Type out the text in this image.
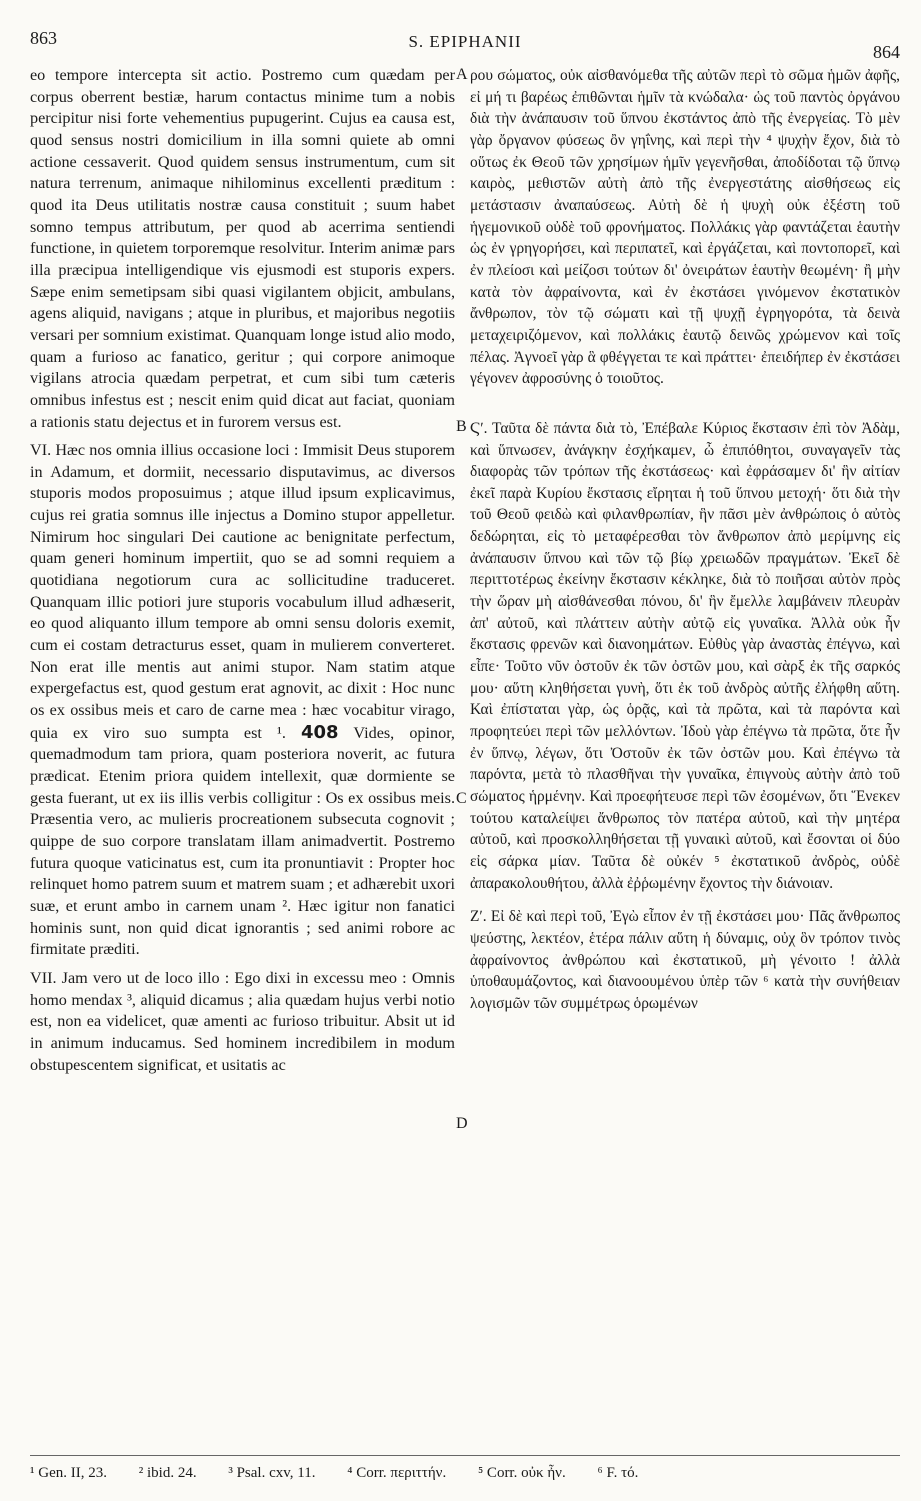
863	S. EPIPHANII
864

eo tempore intercepta sit actio. Postremo cum quædam per corpus oberrent bestiæ, harum contactus minime tum a nobis percipitur nisi forte vehementius pupugerint. Cujus ea causa est, quod sensus nostri domicilium in illa somni quiete ab omni actione cessaverit. Quod quidem sensus instrumentum, cum sit natura terrenum, animaque nihilominus excellenti præditum : quod ita Deus utilitatis nostræ causa constituit ; suum habet somno tempus attributum, per quod ab acerrima sentiendi functione, in quietem torporemque resolvitur. Interim animæ pars illa præcipua intelligendique vis ejusmodi est stuporis expers. Sæpe enim semetipsam sibi quasi vigilantem objicit, ambulans, agens aliquid, navigans ; atque in pluribus, et majoribus negotiis versari per somnium existimat. Quanquam longe istud alio modo, quam a furioso ac fanatico, geritur ; qui corpore animoque vigilans atrocia quædam perpetrat, et cum sibi tum cæteris omnibus infestus est ; nescit enim quid dicat aut faciat, quoniam a rationis statu dejectus et in furorem versus est.

VI. Hæc nos omnia illius occasione loci : Immisit Deus stuporem in Adamum, et dormiit, necessario disputavimus, ac diversos stuporis modos proposuimus ; atque illud ipsum explicavimus, cujus rei gratia somnus ille injectus a Domino stupor appelletur. Nimirum hoc singulari Dei cautione ac benignitate perfectum, quam generi hominum impertiit, quo se ad somni requiem a quotidiana negotiorum cura ac sollicitudine traduceret. Quanquam illic potiori jure stuporis vocabulum illud adhæserit, eo quod aliquanto illum tempore ab omni sensu doloris exemit, cum ei costam detracturus esset, quam in mulierem converteret. Non erat ille mentis aut animi stupor. Nam statim atque expergefactus est, quod gestum erat agnovit, ac dixit : Hoc nunc os ex ossibus meis et caro de carne mea : hæc vocabitur virago, quia ex viro suo sumpta est ¹. 408 Vides, opinor, quemadmodum tam priora, quam posteriora noverit, ac futura prædicat. Etenim priora quidem intellexit, quæ dormiente se gesta fuerant, ut ex iis illis verbis colligitur : Os ex ossibus meis. Præsentia vero, ac mulieris procreationem subsecuta cognovit ; quippe de suo corpore translatam illam animadvertit. Postremo futura quoque vaticinatus est, cum ita pronuntiavit : Propter hoc relinquet homo patrem suum et matrem suam ; et adhærebit uxori suæ, et erunt ambo in carnem unam ². Hæc igitur non fanatici hominis sunt, non quid dicat ignorantis ; sed animi robore ac firmitate præditi.

VII. Jam vero ut de loco illo : Ego dixi in excessu meo : Omnis homo mendax ³, aliquid dicamus ; alia quædam hujus verbi notio est, non ea videlicet, quæ amenti ac furioso tribuitur. Absit ut id in animum inducamus. Sed hominem incredibilem in modum obstupescentem significat, et usitatis ac

ρου σώματος, οὐκ αἰσθανόμεθα τῆς αὐτῶν περὶ τὸ σῶμα ἡμῶν ἀφῆς, εἰ μή τι βαρέως ἐπιθῶνται ἡμῖν τὰ κνώδαλα· ὡς τοῦ παντὸς ὀργάνου διὰ τὴν ἀνάπαυσιν τοῦ ὕπνου ἐκστάντος ἀπὸ τῆς ἐνεργείας. Τὸ μὲν γὰρ ὄργανον φύσεως ὂν γηΐνης, καὶ περὶ τὴν ⁴ ψυχὴν ἔχον, διὰ τὸ οὕτως ἐκ Θεοῦ τῶν χρησίμων ἡμῖν γεγενῆσθαι, ἀποδίδοται τῷ ὕπνῳ καιρὸς, μεθιστῶν αὐτὴ ἀπὸ τῆς ἐνεργεστάτης αἰσθήσεως εἰς μετάστασιν ἀναπαύσεως. Αὐτὴ δὲ ἡ ψυχὴ οὐκ ἐξέστη τοῦ ἡγεμονικοῦ οὐδὲ τοῦ φρονήματος. Πολλάκις γὰρ φαντάζεται ἑαυτὴν ὡς ἐν γρηγορήσει, καὶ περιπατεῖ, καὶ ἐργάζεται, καὶ ποντοπορεῖ, καὶ ἐν πλείοσι καὶ μείζοσι τούτων δι' ὀνειράτων ἑαυτὴν θεωμένη· ἢ μὴν κατὰ τὸν ἀφραίνοντα, καὶ ἐν ἐκστάσει γινόμενον ἐκστατικὸν ἄνθρωπον, τὸν τῷ σώματι καὶ τῇ ψυχῇ ἐγρηγορότα, τὰ δεινὰ μεταχειριζόμενον, καὶ πολλάκις ἑαυτῷ δεινῶς χρώμενον καὶ τοῖς πέλας. Ἀγνοεῖ γὰρ ἃ φθέγγεται τε καὶ πράττει· ἐπειδήπερ ἐν ἐκστάσει γέγονεν ἀφροσύνης ὁ τοιοῦτος.

Ϛʹ. Ταῦτα δὲ πάντα διὰ τὸ, Ἐπέβαλε Κύριος ἔκστασιν ἐπὶ τὸν Ἀδὰμ, καὶ ὕπνωσεν, ἀνάγκην ἐσχήκαμεν, ὦ ἐπιπόθητοι, συναγαγεῖν τὰς διαφορὰς τῶν τρόπων τῆς ἐκστάσεως· καὶ ἐφράσαμεν δι' ἣν αἰτίαν ἐκεῖ παρὰ Κυρίου ἔκστασις εἴρηται ἡ τοῦ ὕπνου μετοχή· ὅτι διὰ τὴν τοῦ Θεοῦ φειδὼ καὶ φιλανθρωπίαν, ἣν πᾶσι μὲν ἀνθρώποις ὁ αὐτὸς δεδώρηται, εἰς τὸ μεταφέρεσθαι τὸν ἄνθρωπον ἀπὸ μερίμνης εἰς ἀνάπαυσιν ὕπνου καὶ τῶν τῷ βίῳ χρειωδῶν πραγμάτων. Ἐκεῖ δὲ περιττοτέρως ἐκείνην ἔκστασιν κέκληκε, διὰ τὸ ποιῆσαι αὐτὸν πρὸς τὴν ὥραν μὴ αἰσθάνεσθαι πόνου, δι' ἣν ἔμελλε λαμβάνειν πλευρὰν ἀπ' αὐτοῦ, καὶ πλάττειν αὐτὴν αὐτῷ εἰς γυναῖκα. Ἀλλὰ οὐκ ἦν ἔκστασις φρενῶν καὶ διανοημάτων. Εὐθὺς γὰρ ἀναστὰς ἐπέγνω, καὶ εἶπε· Τοῦτο νῦν ὀστοῦν ἐκ τῶν ὀστῶν μου, καὶ σὰρξ ἐκ τῆς σαρκός μου· αὕτη κληθήσεται γυνὴ, ὅτι ἐκ τοῦ ἀνδρὸς αὐτῆς ἐλήφθη αὕτη. Καὶ ἐπίσταται γὰρ, ὡς ὁρᾷς, καὶ τὰ πρῶτα, καὶ τὰ παρόντα καὶ προφητεύει περὶ τῶν μελλόντων. Ἰδοὺ γὰρ ἐπέγνω τὰ πρῶτα, ὅτε ἦν ἐν ὕπνῳ, λέγων, ὅτι Ὀστοῦν ἐκ τῶν ὀστῶν μου. Καὶ ἐπέγνω τὰ παρόντα, μετὰ τὸ πλασθῆναι τὴν γυναῖκα, ἐπιγνοὺς αὐτὴν ἀπὸ τοῦ σώματος ἡρμένην. Καὶ προεφήτευσε περὶ τῶν ἐσομένων, ὅτι Ἕνεκεν τούτου καταλείψει ἄνθρωπος τὸν πατέρα αὐτοῦ, καὶ τὴν μητέρα αὐτοῦ, καὶ προσκολληθήσεται τῇ γυναικὶ αὐτοῦ, καὶ ἔσονται οἱ δύο εἰς σάρκα μίαν. Ταῦτα δὲ οὐκέν ⁵ ἐκστατικοῦ ἀνδρὸς, οὐδὲ ἀπαρακολουθήτου, ἀλλὰ ἐῤῥωμένην ἔχοντος τὴν διάνοιαν.

Ζʹ. Εἰ δὲ καὶ περὶ τοῦ, Ἐγὼ εἶπον ἐν τῇ ἐκστάσει μου· Πᾶς ἄνθρωπος ψεύστης, λεκτέον, ἑτέρα πάλιν αὕτη ἡ δύναμις, οὐχ ὃν τρόπον τινὸς ἀφραίνοντος ἀνθρώπου καὶ ἐκστατικοῦ, μὴ γένοιτο ! ἀλλὰ ὑποθαυμάζοντος, καὶ διανοουμένου ὑπὲρ τῶν ⁶ κατὰ τὴν συνήθειαν λογισμῶν τῶν συμμέτρως ὁρωμένων

A
B
C
D
¹ Gen. II, 23. ² ibid. 24. ³ Psal. cxv, 11. ⁴ Corr. περιττήν. ⁵ Corr. οὐκ ἦν. ⁶ F. τό.
